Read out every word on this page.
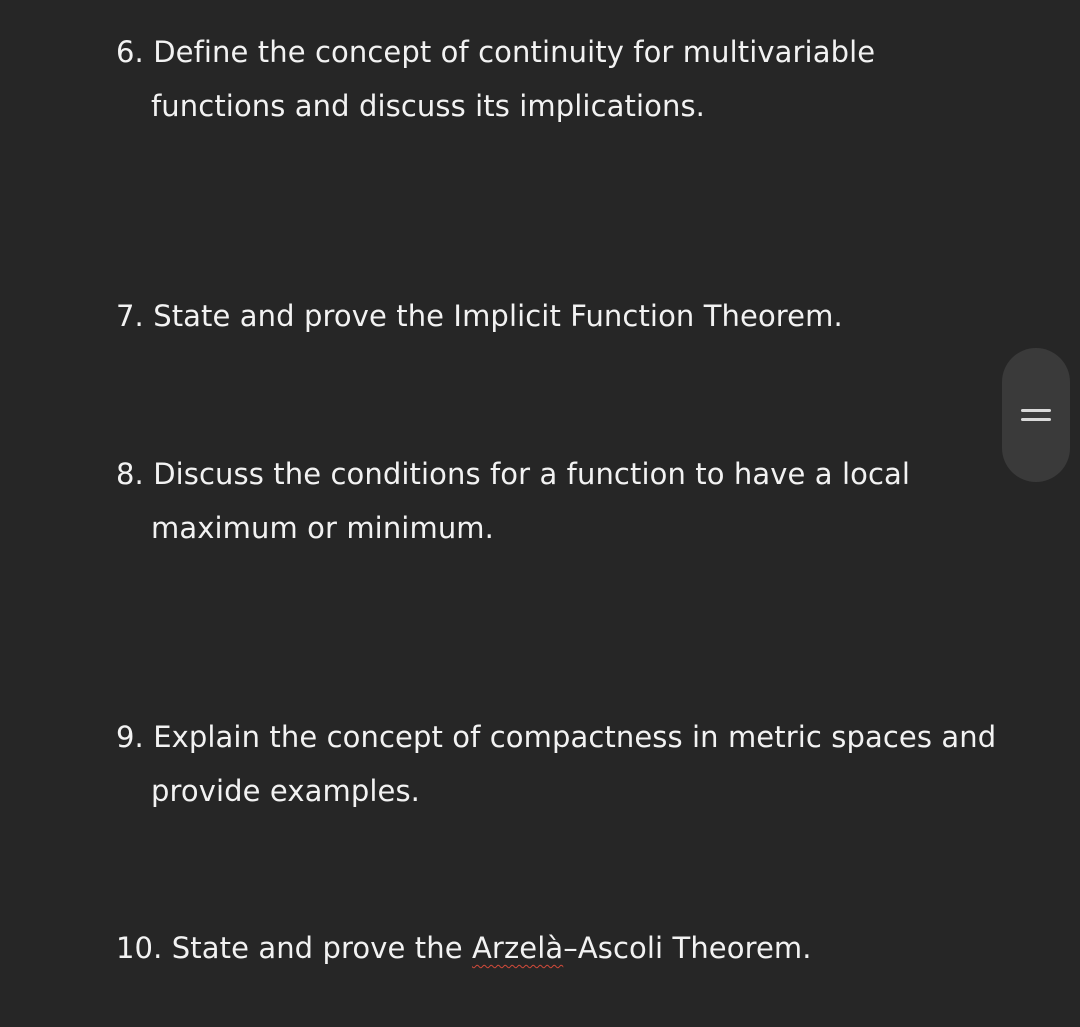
6. Define the concept of continuity for multivariable
functions and discuss its implications.
7. State and prove the Implicit Function Theorem.
8. Discuss the conditions for a function to have a local
maximum or minimum.
9. Explain the concept of compactness in metric spaces and
provide examples.
10. State and prove the Arzelà–Ascoli Theorem.
